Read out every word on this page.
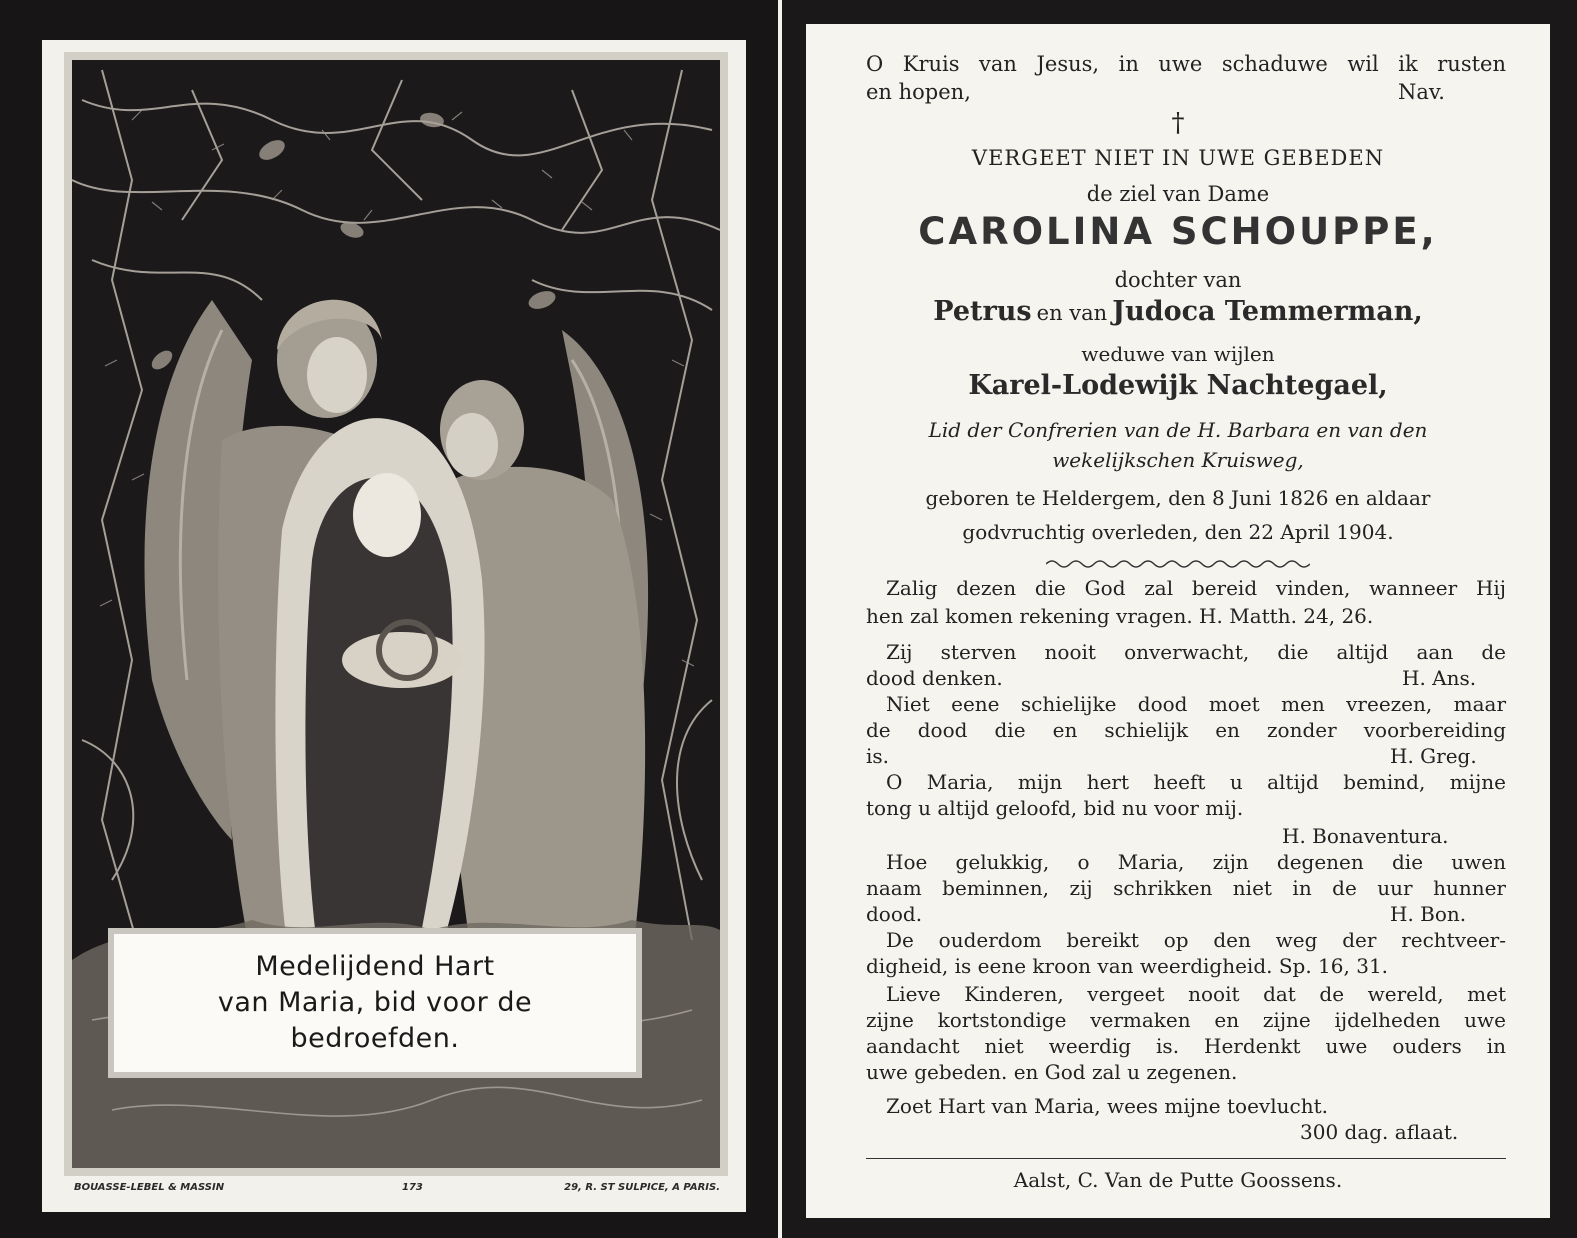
Medelijdend Hart
van Maria, bid voor de
bedroefden.
BOUASSE-LEBEL & MASSIN	173	29, R. ST SULPICE, A PARIS.
O Kruis van Jesus, in uwe schaduwe wil ik rusten
en hopen,	Nav.
†
VERGEET NIET IN UWE GEBEDEN
de ziel van Dame
CAROLINA SCHOUPPE,
dochter van
Petrus en van Judoca Temmerman,
weduwe van wijlen
Karel-Lodewijk Nachtegael,
Lid der Confrerien van de H. Barbara en van den
wekelijkschen Kruisweg,
geboren te Heldergem, den 8 Juni 1826 en aldaar
godvruchtig overleden, den 22 April 1904.
Zalig dezen die God zal bereid vinden, wanneer Hij
hen zal komen rekening vragen. H. Matth. 24, 26.
Zij sterven nooit onverwacht, die altijd aan de
dood denken.	H. Ans.
Niet eene schielijke dood moet men vreezen, maar
de dood die en schielijk en zonder voorbereiding
is.	H. Greg.
O Maria, mijn hert heeft u altijd bemind, mijne
tong u altijd geloofd, bid nu voor mij.
H. Bonaventura.
Hoe gelukkig, o Maria, zijn degenen die uwen
naam beminnen, zij schrikken niet in de uur hunner
dood.	H. Bon.
De ouderdom bereikt op den weg der rechtveer-
digheid, is eene kroon van weerdigheid. Sp. 16, 31.
Lieve Kinderen, vergeet nooit dat de wereld, met
zijne kortstondige vermaken en zijne ijdelheden uwe
aandacht niet weerdig is. Herdenkt uwe ouders in
uwe gebeden. en God zal u zegenen.
Zoet Hart van Maria, wees mijne toevlucht.
300 dag. aflaat.
Aalst, C. Van de Putte Goossens.
